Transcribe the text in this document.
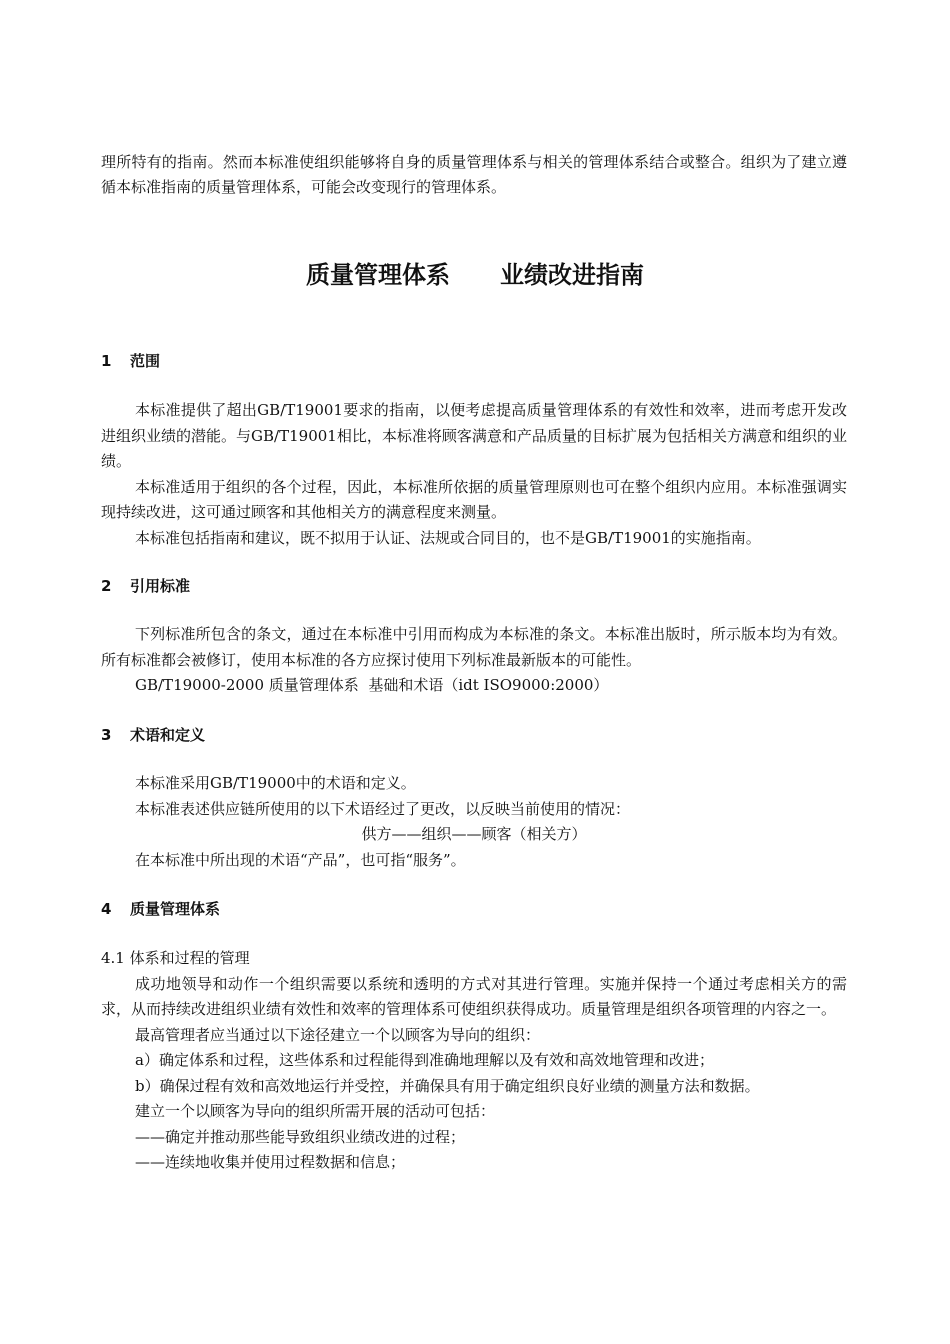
理所特有的指南。然而本标准使组织能够将自身的质量管理体系与相关的管理体系结合或整合。组织为了建立遵循本标准指南的质量管理体系，可能会改变现行的管理体系。

质量管理体系 业绩改进指南
1 范围

本标准提供了超出GB/T19001要求的指南，以便考虑提高质量管理体系的有效性和效率，进而考虑开发改进组织业绩的潜能。与GB/T19001相比，本标准将顾客满意和产品质量的目标扩展为包括相关方满意和组织的业绩。

本标准适用于组织的各个过程，因此，本标准所依据的质量管理原则也可在整个组织内应用。本标准强调实现持续改进，这可通过顾客和其他相关方的满意程度来测量。

本标准包括指南和建议，既不拟用于认证、法规或合同目的，也不是GB/T19001的实施指南。

2 引用标准

下列标准所包含的条文，通过在本标准中引用而构成为本标准的条文。本标准出版时，所示版本均为有效。所有标准都会被修订，使用本标准的各方应探讨使用下列标准最新版本的可能性。

GB/T19000-2000 质量管理体系  基础和术语（idt ISO9000:2000）

3 术语和定义

本标准采用GB/T19000中的术语和定义。

本标准表述供应链所使用的以下术语经过了更改，以反映当前使用的情况：

供方——组织——顾客（相关方）

在本标准中所出现的术语“产品”，也可指“服务”。

4 质量管理体系

4.1 体系和过程的管理

成功地领导和动作一个组织需要以系统和透明的方式对其进行管理。实施并保持一个通过考虑相关方的需求，从而持续改进组织业绩有效性和效率的管理体系可使组织获得成功。质量管理是组织各项管理的内容之一。

最高管理者应当通过以下途径建立一个以顾客为导向的组织：

a）确定体系和过程，这些体系和过程能得到准确地理解以及有效和高效地管理和改进；

b）确保过程有效和高效地运行并受控，并确保具有用于确定组织良好业绩的测量方法和数据。

建立一个以顾客为导向的组织所需开展的活动可包括：

——确定并推动那些能导致组织业绩改进的过程；

——连续地收集并使用过程数据和信息；
